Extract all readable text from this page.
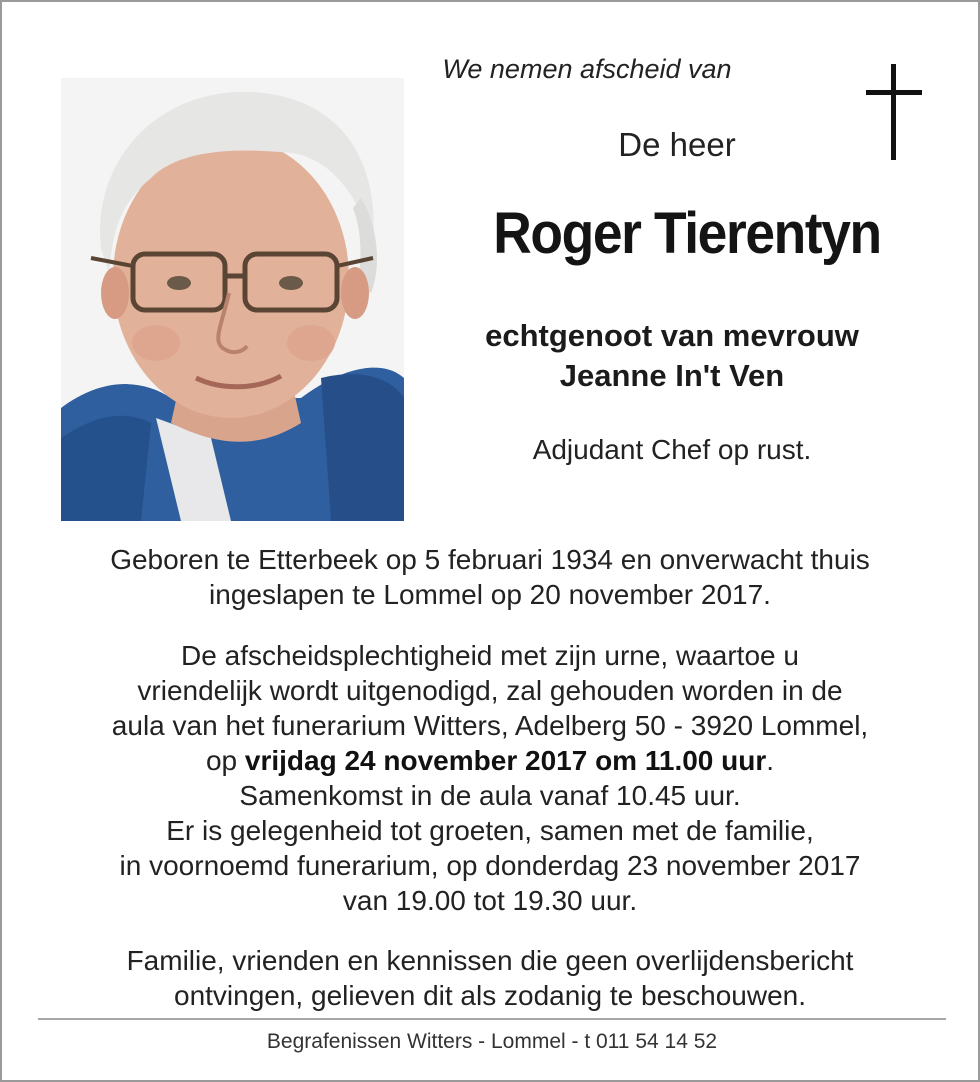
We nemen afscheid van
De heer
Roger Tierentyn
echtgenoot van mevrouw
Jeanne In't Ven
Adjudant Chef op rust.
Geboren te Etterbeek op 5 februari 1934 en onverwacht thuis
ingeslapen te Lommel op 20 november 2017.
De afscheidsplechtigheid met zijn urne, waartoe u
vriendelijk wordt uitgenodigd, zal gehouden worden in de
aula van het funerarium Witters, Adelberg 50 - 3920 Lommel,
op vrijdag 24 november 2017 om 11.00 uur.
Samenkomst in de aula vanaf 10.45 uur.
Er is gelegenheid tot groeten, samen met de familie,
in voornoemd funerarium, op donderdag 23 november 2017
van 19.00 tot 19.30 uur.
Familie, vrienden en kennissen die geen overlijdensbericht
ontvingen, gelieven dit als zodanig te beschouwen.
Begrafenissen Witters - Lommel - t 011 54 14 52
